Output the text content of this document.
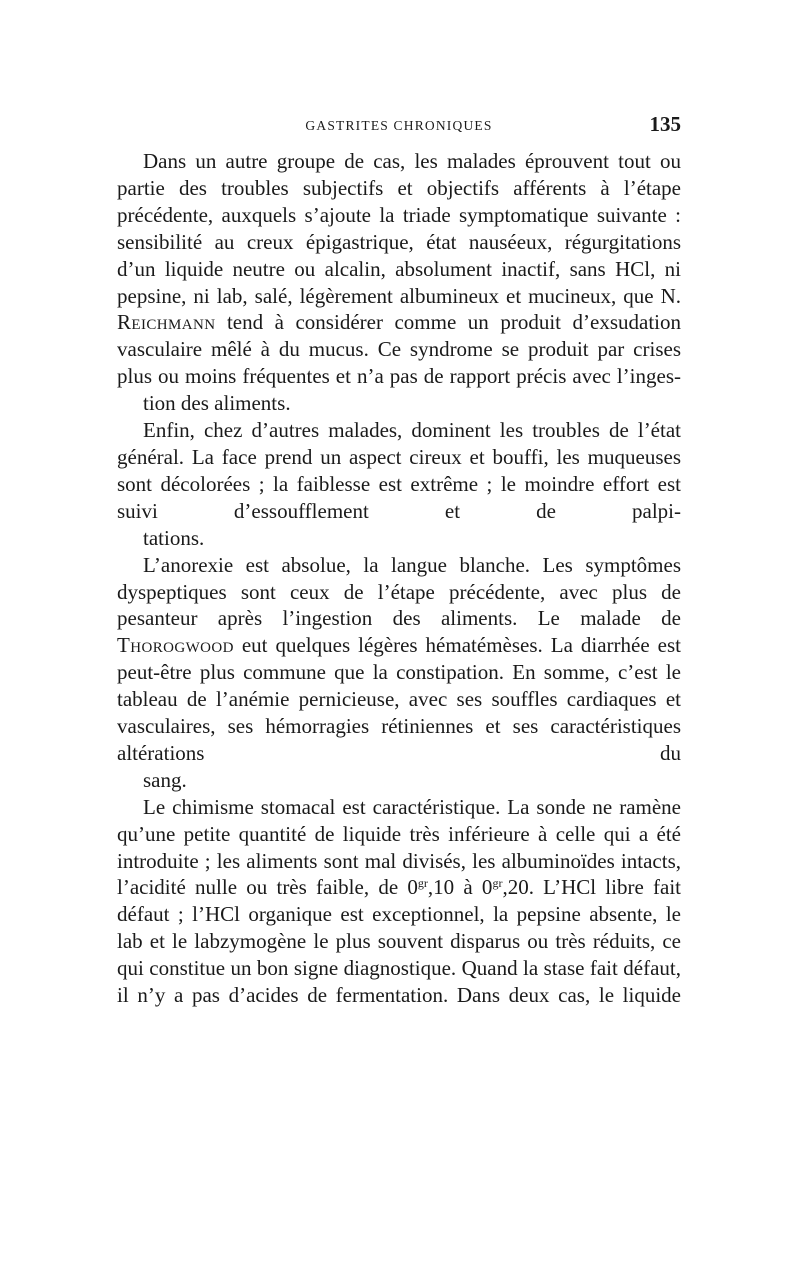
GASTRITES CHRONIQUES	135

Dans un autre groupe de cas, les malades éprouvent tout ou partie des troubles subjectifs et objectifs afférents à l’étape précédente, auxquels s’ajoute la triade symptomatique suivante : sensibilité au creux épigastrique, état nauséeux, régurgitations d’un liquide neutre ou alcalin, absolument inactif, sans HCl, ni pepsine, ni lab, salé, légèrement albumineux et mucineux, que N. Reichmann tend à considérer comme un produit d’exsudation vasculaire mêlé à du mucus. Ce syndrome se produit par crises plus ou moins fréquentes et n’a pas de rapport précis avec l’inges-
tion des aliments.

Enfin, chez d’autres malades, dominent les troubles de l’état général. La face prend un aspect cireux et bouffi, les muqueuses sont décolorées ; la faiblesse est extrême ; le moindre effort est suivi d’essoufflement et de palpi-
tations.

L’anorexie est absolue, la langue blanche. Les symptômes dyspeptiques sont ceux de l’étape précédente, avec plus de pesanteur après l’ingestion des aliments. Le malade de Thorogwood eut quelques légères hématémèses. La diarrhée est peut-être plus commune que la constipation. En somme, c’est le tableau de l’anémie pernicieuse, avec ses souffles cardiaques et vasculaires, ses hémorragies rétiniennes et ses caractéristiques altérations du
sang.

Le chimisme stomacal est caractéristique. La sonde ne ramène qu’une petite quantité de liquide très inférieure à celle qui a été introduite ; les aliments sont mal divisés, les albuminoïdes intacts, l’acidité nulle ou très faible, de $0^{gr},10$ à $0^{gr},20$. L’HCl libre fait défaut ; l’HCl organique est exceptionnel, la pepsine absente, le lab et le labzymogène le plus souvent disparus ou très réduits, ce qui constitue un bon signe diagnostique. Quand la stase fait défaut, il n’y a pas d’acides de fermentation. Dans deux cas, le liquide
